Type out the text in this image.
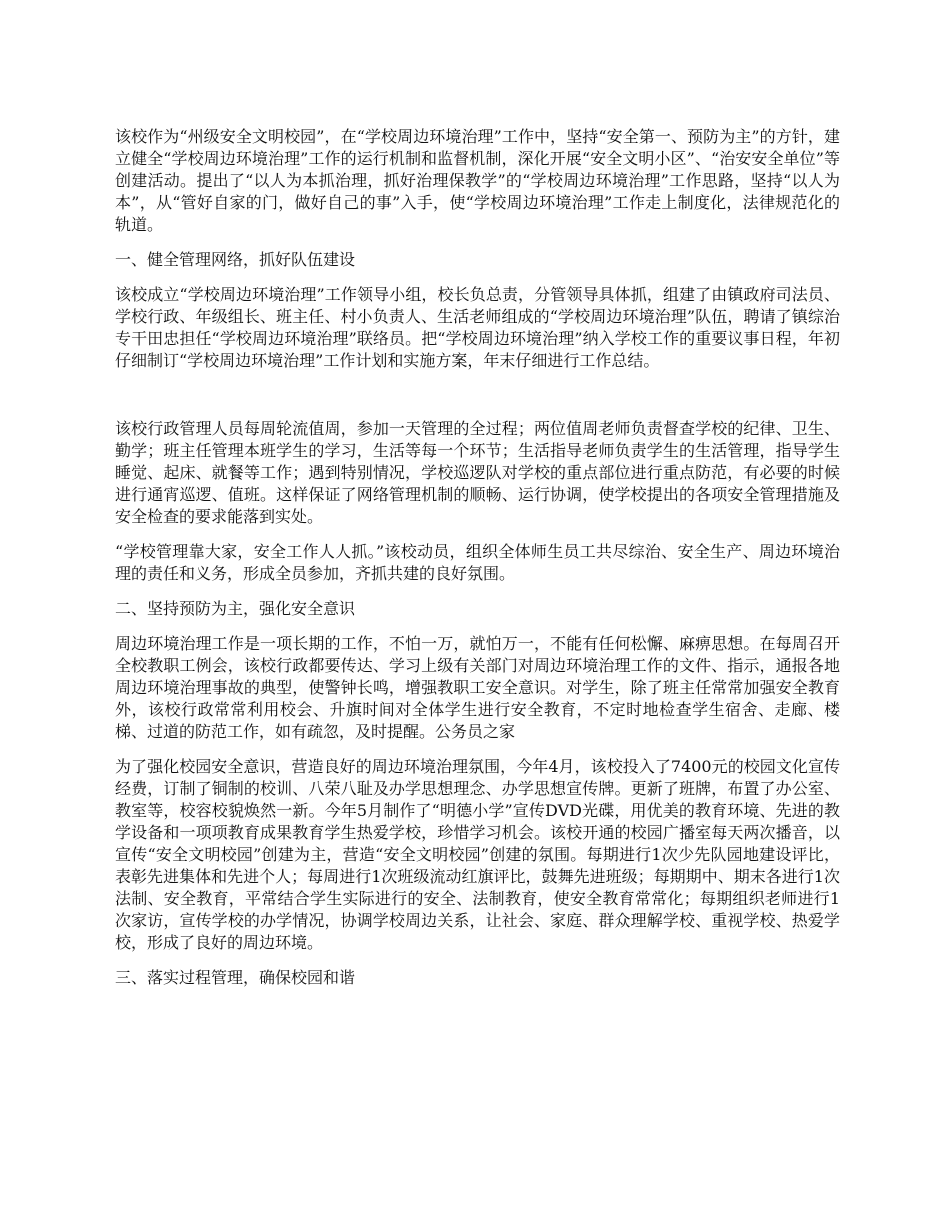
该校作为“州级安全文明校园”，在“学校周边环境治理”工作中，坚持“安全第一、预防为主”的方针，建立健全“学校周边环境治理”工作的运行机制和监督机制，深化开展“安全文明小区”、“治安安全单位”等创建活动。提出了“以人为本抓治理，抓好治理保教学”的“学校周边环境治理”工作思路，坚持“以人为本”，从“管好自家的门，做好自己的事”入手，使“学校周边环境治理”工作走上制度化，法律规范化的轨道。

一、健全管理网络，抓好队伍建设

该校成立“学校周边环境治理”工作领导小组，校长负总责，分管领导具体抓，组建了由镇政府司法员、学校行政、年级组长、班主任、村小负责人、生活老师组成的“学校周边环境治理”队伍，聘请了镇综治专干田忠担任“学校周边环境治理”联络员。把“学校周边环境治理”纳入学校工作的重要议事日程，年初仔细制订“学校周边环境治理”工作计划和实施方案，年末仔细进行工作总结。

该校行政管理人员每周轮流值周，参加一天管理的全过程；两位值周老师负责督查学校的纪律、卫生、勤学；班主任管理本班学生的学习，生活等每一个环节；生活指导老师负责学生的生活管理，指导学生睡觉、起床、就餐等工作；遇到特别情况，学校巡逻队对学校的重点部位进行重点防范，有必要的时候进行通宵巡逻、值班。这样保证了网络管理机制的顺畅、运行协调，使学校提出的各项安全管理措施及安全检查的要求能落到实处。

“学校管理靠大家，安全工作人人抓。”该校动员，组织全体师生员工共尽综治、安全生产、周边环境治理的责任和义务，形成全员参加，齐抓共建的良好氛围。

二、坚持预防为主，强化安全意识

周边环境治理工作是一项长期的工作，不怕一万，就怕万一，不能有任何松懈、麻痹思想。在每周召开全校教职工例会，该校行政都要传达、学习上级有关部门对周边环境治理工作的文件、指示，通报各地周边环境治理事故的典型，使警钟长鸣，增强教职工安全意识。对学生，除了班主任常常加强安全教育外，该校行政常常利用校会、升旗时间对全体学生进行安全教育，不定时地检查学生宿舍、走廊、楼梯、过道的防范工作，如有疏忽，及时提醒。公务员之家

为了强化校园安全意识，营造良好的周边环境治理氛围，今年4月，该校投入了7400元的校园文化宣传经费，订制了铜制的校训、八荣八耻及办学思想理念、办学思想宣传牌。更新了班牌，布置了办公室、教室等，校容校貌焕然一新。今年5月制作了“明德小学”宣传DVD光碟，用优美的教育环境、先进的教学设备和一项项教育成果教育学生热爱学校，珍惜学习机会。该校开通的校园广播室每天两次播音，以宣传“安全文明校园”创建为主，营造“安全文明校园”创建的氛围。每期进行1次少先队园地建设评比，表彰先进集体和先进个人；每周进行1次班级流动红旗评比，鼓舞先进班级；每期期中、期末各进行1次法制、安全教育，平常结合学生实际进行的安全、法制教育，使安全教育常常化；每期组织老师进行1次家访，宣传学校的办学情况，协调学校周边关系，让社会、家庭、群众理解学校、重视学校、热爱学校，形成了良好的周边环境。

三、落实过程管理，确保校园和谐
